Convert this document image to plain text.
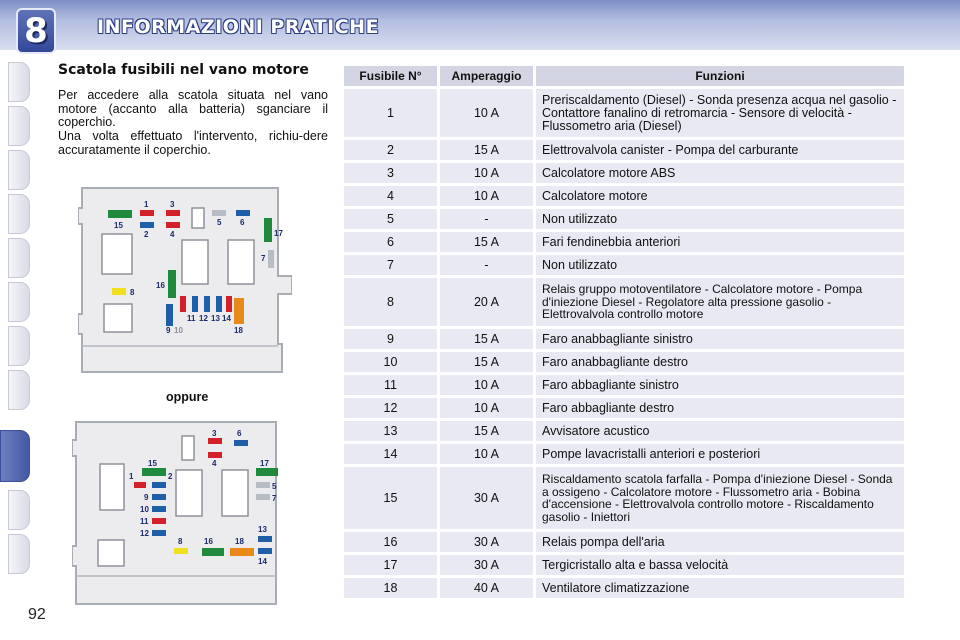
8	INFORMAZIONI PRATICHE
Scatola fusibili nel vano motore
Per accedere alla scatola situata nel vano motore (accanto alla batteria) sganciare il coperchio.
Una volta effettuato l'intervento, richiu-dere accuratamente il coperchio.
1	3
2	4
5 6
15
17
7
8
16
11 12 13 14
9 10	18
oppure
3	6
4
15	17
1	2
5
7
9
10
11
12	13
8	16	18
14
Fusibile N°	Amperaggio	Funzioni
1	10 A	Preriscaldamento (Diesel) - Sonda presenza acqua nel gasolio - Contattore fanalino di retromarcia - Sensore di velocità - Flussometro aria (Diesel)
2	15 A	Elettrovalvola canister - Pompa del carburante
3	10 A	Calcolatore motore ABS
4	10 A	Calcolatore motore
5	-	Non utilizzato
6	15 A	Fari fendinebbia anteriori
7	-	Non utilizzato
8	20 A	Relais gruppo motoventilatore - Calcolatore motore - Pompa d'iniezione Diesel - Regolatore alta pressione gasolio - Elettrovalvola controllo motore
9	15 A	Faro anabbagliante sinistro
10	15 A	Faro anabbagliante destro
11	10 A	Faro abbagliante sinistro
12	10 A	Faro abbagliante destro
13	15 A	Avvisatore acustico
14	10 A	Pompe lavacristalli anteriori e posteriori
15	30 A	Riscaldamento scatola farfalla - Pompa d'iniezione Diesel - Sonda a ossigeno - Calcolatore motore - Flussometro aria - Bobina d'accensione - Elettrovalvola controllo motore - Riscaldamento gasolio - Iniettori
16	30 A	Relais pompa dell'aria
17	30 A	Tergicristallo alta e bassa velocità
18	40 A	Ventilatore climatizzazione
92
